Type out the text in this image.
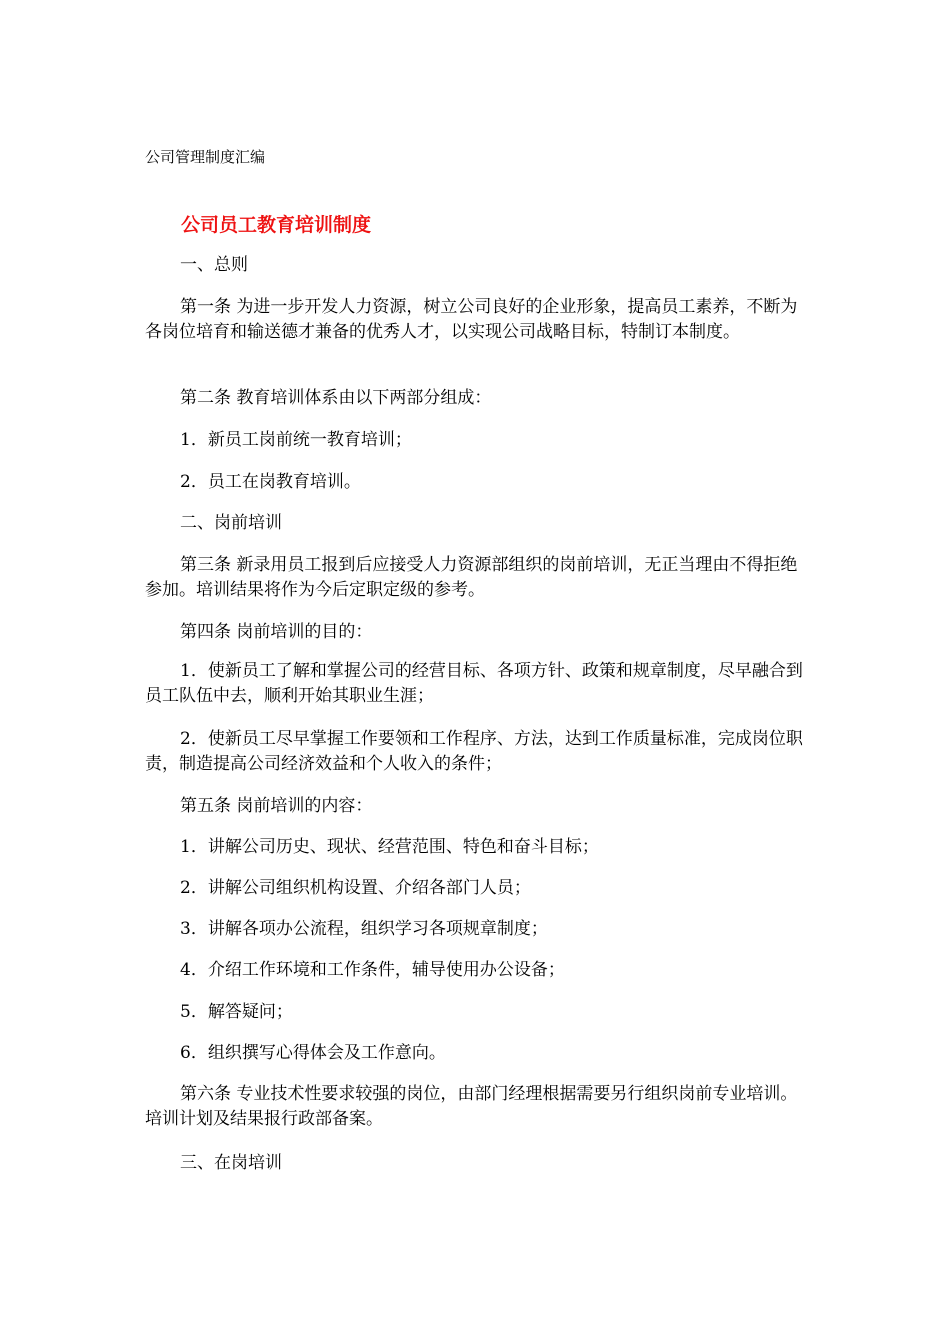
公司管理制度汇编
公司员工教育培训制度
一、总则
第一条 为进一步开发人力资源，树立公司良好的企业形象，提高员工素养，不断为各岗位培育和输送德才兼备的优秀人才，以实现公司战略目标，特制订本制度。
第二条 教育培训体系由以下两部分组成：
1．新员工岗前统一教育培训；
2．员工在岗教育培训。
二、岗前培训
第三条 新录用员工报到后应接受人力资源部组织的岗前培训，无正当理由不得拒绝参加。培训结果将作为今后定职定级的参考。
第四条 岗前培训的目的：
1．使新员工了解和掌握公司的经营目标、各项方针、政策和规章制度，尽早融合到员工队伍中去，顺利开始其职业生涯；
2．使新员工尽早掌握工作要领和工作程序、方法，达到工作质量标准，完成岗位职责，制造提高公司经济效益和个人收入的条件；
第五条 岗前培训的内容：
1．讲解公司历史、现状、经营范围、特色和奋斗目标；
2．讲解公司组织机构设置、介绍各部门人员；
3．讲解各项办公流程，组织学习各项规章制度；
4．介绍工作环境和工作条件，辅导使用办公设备；
5．解答疑问；
6．组织撰写心得体会及工作意向。
第六条 专业技术性要求较强的岗位，由部门经理根据需要另行组织岗前专业培训。培训计划及结果报行政部备案。
三、在岗培训
